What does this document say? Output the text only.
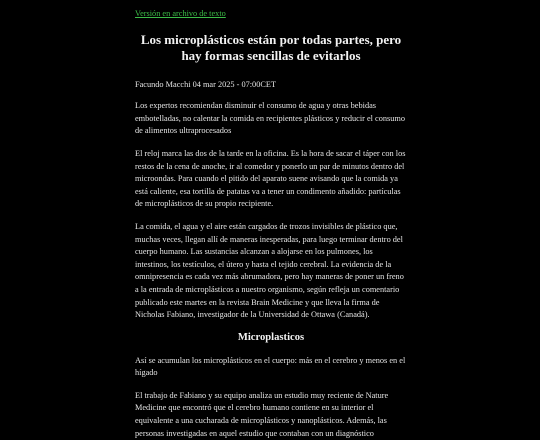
Versión en archivo de texto
Los microplásticos están por todas partes, pero hay formas sencillas de evitarlos
Facundo Macchi 04 mar 2025 - 07:00CET

Los expertos recomiendan disminuir el consumo de agua y otras bebidas embotelladas, no calentar la comida en recipientes plásticos y reducir el consumo de alimentos ultraprocesados

El reloj marca las dos de la tarde en la oficina. Es la hora de sacar el táper con los restos de la cena de anoche, ir al comedor y ponerlo un par de minutos dentro del microondas. Para cuando el pitido del aparato suene avisando que la comida ya está caliente, esa tortilla de patatas va a tener un condimento añadido: partículas de microplásticos de su propio recipiente.

La comida, el agua y el aire están cargados de trozos invisibles de plástico que, muchas veces, llegan allí de maneras inesperadas, para luego terminar dentro del cuerpo humano. Las sustancias alcanzan a alojarse en los pulmones, los intestinos, los testículos, el útero y hasta el tejido cerebral. La evidencia de la omnipresencia es cada vez más abrumadora, pero hay maneras de poner un freno a la entrada de microplásticos a nuestro organismo, según refleja un comentario publicado este martes en la revista Brain Medicine y que lleva la firma de Nicholas Fabiano, investigador de la Universidad de Ottawa (Canadá).

Microplasticos

Así se acumulan los microplásticos en el cuerpo: más en el cerebro y menos en el hígado

El trabajo de Fabiano y su equipo analiza un estudio muy reciente de Nature Medicine que encontró que el cerebro humano contiene en su interior el equivalente a una cucharada de microplásticos y nanoplásticos. Además, las personas investigadas en aquel estudio que contaban con un diagnóstico
